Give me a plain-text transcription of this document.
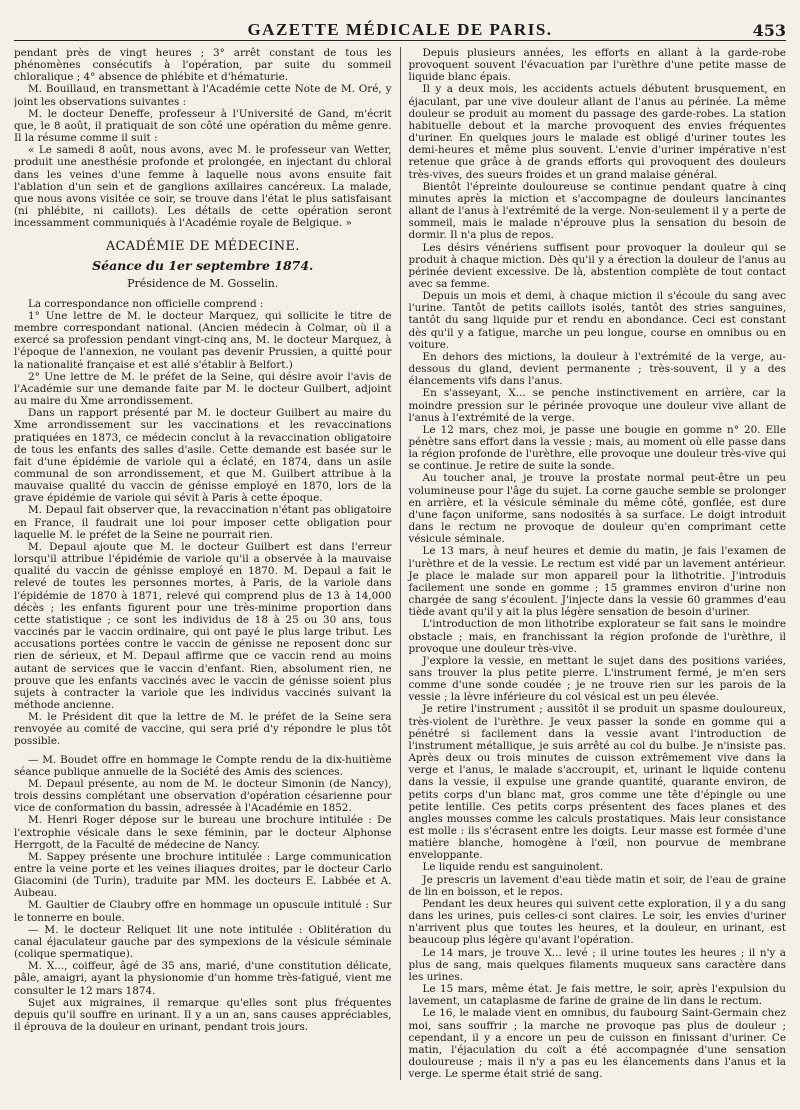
GAZETTE MÉDICALE DE PARIS.	453

pendant près de vingt heures ; 3° arrêt constant de tous les phénomènes consécutifs à l'opération, par suite du sommeil chloralique ; 4° absence de phlébite et d'hématurie.

M. Bouillaud, en transmettant à l'Académie cette Note de M. Oré, y joint les observations suivantes :

M. le docteur Deneffe, professeur à l'Université de Gand, m'écrit que, le 8 août, il pratiquait de son côté une opération du même genre. Il la résume comme il suit :

« Le samedi 8 août, nous avons, avec M. le professeur van Wetter, produit une anesthésie profonde et prolongée, en injectant du chloral dans les veines d'une femme à laquelle nous avons ensuite fait l'ablation d'un sein et de ganglions axillaires cancéreux. La malade, que nous avons visitée ce soir, se trouve dans l'état le plus satisfaisant (ni phlébite, ni caillots). Les détails de cette opération seront incessamment communiqués à l'Académie royale de Belgique. »

ACADÉMIE DE MÉDECINE.
Séance du 1er septembre 1874.
Présidence de M. Gosselin.

La correspondance non officielle comprend :

1° Une lettre de M. le docteur Marquez, qui sollicite le titre de membre correspondant national. (Ancien médecin à Colmar, où il a exercé sa profession pendant vingt-cinq ans, M. le docteur Marquez, à l'époque de l'annexion, ne voulant pas devenir Prussien, a quitté pour la nationalité française et est allé s'établir à Belfort.)

2° Une lettre de M. le préfet de la Seine, qui désire avoir l'avis de l'Académie sur une demande faite par M. le docteur Guilbert, adjoint au maire du Xme arrondissement.

Dans un rapport présenté par M. le docteur Guilbert au maire du Xme arrondissement sur les vaccinations et les revaccinations pratiquées en 1873, ce médecin conclut à la revaccination obligatoire de tous les enfants des salles d'asile. Cette demande est basée sur le fait d'une épidémie de variole qui a éclaté, en 1874, dans un asile communal de son arrondissement, et que M. Guilbert attribue à la mauvaise qualité du vaccin de génisse employé en 1870, lors de la grave épidémie de variole qui sévit à Paris à cette époque.

M. Depaul fait observer que, la revaccination n'étant pas obligatoire en France, il faudrait une loi pour imposer cette obligation pour laquelle M. le préfet de la Seine ne pourrait rien.

M. Depaul ajoute que M. le docteur Guilbert est dans l'erreur lorsqu'il attribue l'épidémie de variole qu'il a observée à la mauvaise qualité du vaccin de génisse employé en 1870. M. Depaul a fait le relevé de toutes les personnes mortes, à Paris, de la variole dans l'épidémie de 1870 à 1871, relevé qui comprend plus de 13 à 14,000 décès ; les enfants figurent pour une très-minime proportion dans cette statistique ; ce sont les individus de 18 à 25 ou 30 ans, tous vaccinés par le vaccin ordinaire, qui ont payé le plus large tribut. Les accusations portées contre le vaccin de génisse ne reposent donc sur rien de sérieux, et M. Depaul affirme que ce vaccin rend au moins autant de services que le vaccin d'enfant. Rien, absolument rien, ne prouve que les enfants vaccinés avec le vaccin de génisse soient plus sujets à contracter la variole que les individus vaccinés suivant la méthode ancienne.

M. le Président dit que la lettre de M. le préfet de la Seine sera renvoyée au comité de vaccine, qui sera prié d'y répondre le plus tôt possible.

— M. Boudet offre en hommage le Compte rendu de la dix-huitième séance publique annuelle de la Société des Amis des sciences.

M. Depaul présente, au nom de M. le docteur Simonin (de Nancy), trois dessins complétant une observation d'opération césarienne pour vice de conformation du bassin, adressée à l'Académie en 1852.

M. Henri Roger dépose sur le bureau une brochure intitulée : De l'extrophie vésicale dans le sexe féminin, par le docteur Alphonse Herrgott, de la Faculté de médecine de Nancy.

M. Sappey présente une brochure intitulée : Large communication entre la veine porte et les veines iliaques droites, par le docteur Carlo Giacomini (de Turin), traduite par MM. les docteurs E. Labbée et A. Aubeau.

M. Gaultier de Claubry offre en hommage un opuscule intitulé : Sur le tonnerre en boule.

— M. le docteur Reliquet lit une note intitulée : Oblitération du canal éjaculateur gauche par des sympexions de la vésicule séminale (colique spermatique).

M. X..., coiffeur, âgé de 35 ans, marié, d'une constitution délicate, pâle, amaigri, ayant la physionomie d'un homme très-fatigué, vient me consulter le 12 mars 1874.

Sujet aux migraines, il remarque qu'elles sont plus fréquentes depuis qu'il souffre en urinant. Il y a un an, sans causes appréciables, il éprouva de la douleur en urinant, pendant trois jours.

Depuis plusieurs années, les efforts en allant à la garde-robe provoquent souvent l'évacuation par l'urèthre d'une petite masse de liquide blanc épais.

Il y a deux mois, les accidents actuels débutent brusquement, en éjaculant, par une vive douleur allant de l'anus au périnée. La même douleur se produit au moment du passage des garde-robes. La station habituelle debout et la marche provoquent des envies fréquentes d'uriner. En quelques jours le malade est obligé d'uriner toutes les demi-heures et même plus souvent. L'envie d'uriner impérative n'est retenue que grâce à de grands efforts qui provoquent des douleurs très-vives, des sueurs froides et un grand malaise général.

Bientôt l'épreinte douloureuse se continue pendant quatre à cinq minutes après la miction et s'accompagne de douleurs lancinantes allant de l'anus à l'extrémité de la verge. Non-seulement il y a perte de sommeil, mais le malade n'éprouve plus la sensation du besoin de dormir. Il n'a plus de repos.

Les désirs vénériens suffisent pour provoquer la douleur qui se produit à chaque miction. Dès qu'il y a érection la douleur de l'anus au périnée devient excessive. De là, abstention complète de tout contact avec sa femme.

Depuis un mois et demi, à chaque miction il s'écoule du sang avec l'urine. Tantôt de petits caillots isolés, tantôt des stries sanguines, tantôt du sang liquide pur et rendu en abondance. Ceci est constant dès qu'il y a fatigue, marche un peu longue, course en omnibus ou en voiture.

En dehors des mictions, la douleur à l'extrémité de la verge, au-dessous du gland, devient permanente ; très-souvent, il y a des élancements vifs dans l'anus.

En s'asseyant, X... se penche instinctivement en arrière, car la moindre pression sur le périnée provoque une douleur vive allant de l'anus à l'extrémité de la verge.

Le 12 mars, chez moi, je passe une bougie en gomme n° 20. Elle pénètre sans effort dans la vessie ; mais, au moment où elle passe dans la région profonde de l'urèthre, elle provoque une douleur très-vive qui se continue. Je retire de suite la sonde.

Au toucher anal, je trouve la prostate normal peut-être un peu volumineuse pour l'âge du sujet. La corne gauche semble se prolonger en arrière, et la vésicule séminale du même côté, gonflée, est dure d'une façon uniforme, sans nodosités à sa surface. Le doigt introduit dans le rectum ne provoque de douleur qu'en comprimant cette vésicule séminale.

Le 13 mars, à neuf heures et demie du matin, je fais l'examen de l'urèthre et de la vessie. Le rectum est vidé par un lavement antérieur. Je place le malade sur mon appareil pour la lithotritie. J'introduis facilement une sonde en gomme ; 15 grammes environ d'urine non chargée de sang s'écoulent. J'injecte dans la vessie 60 grammes d'eau tiède avant qu'il y ait la plus légère sensation de besoin d'uriner.

L'introduction de mon lithotribe explorateur se fait sans le moindre obstacle ; mais, en franchissant la région profonde de l'urèthre, il provoque une douleur très-vive.

J'explore la vessie, en mettant le sujet dans des positions variées, sans trouver la plus petite pierre. L'instrument fermé, je m'en sers comme d'une sonde coudée ; je ne trouve rien sur les parois de la vessie ; la lèvre inférieure du col vésical est un peu élevée.

Je retire l'instrument ; aussitôt il se produit un spasme douloureux, très-violent de l'urèthre. Je veux passer la sonde en gomme qui a pénétré si facilement dans la vessie avant l'introduction de l'instrument métallique, je suis arrêté au col du bulbe. Je n'insiste pas. Après deux ou trois minutes de cuisson extrêmement vive dans la verge et l'anus, le malade s'accroupit, et, urinant le liquide contenu dans la vessie, il expulse une grande quantité, quarante environ, de petits corps d'un blanc mat, gros comme une tête d'épingle ou une petite lentille. Ces petits corps présentent des faces planes et des angles mousses comme les calculs prostatiques. Mais leur consistance est molle : ils s'écrasent entre les doigts. Leur masse est formée d'une matière blanche, homogène à l'œil, non pourvue de membrane enveloppante.

Le liquide rendu est sanguinolent.

Je prescris un lavement d'eau tiède matin et soir, de l'eau de graine de lin en boisson, et le repos.

Pendant les deux heures qui suivent cette exploration, il y a du sang dans les urines, puis celles-ci sont claires. Le soir, les envies d'uriner n'arrivent plus que toutes les heures, et la douleur, en urinant, est beaucoup plus légère qu'avant l'opération.

Le 14 mars, je trouve X... levé ; il urine toutes les heures ; il n'y a plus de sang, mais quelques filaments muqueux sans caractère dans les urines.

Le 15 mars, même état. Je fais mettre, le soir, après l'expulsion du lavement, un cataplasme de farine de graine de lin dans le rectum.

Le 16, le malade vient en omnibus, du faubourg Saint-Germain chez moi, sans souffrir ; la marche ne provoque pas plus de douleur ; cependant, il y a encore un peu de cuisson en finissant d'uriner. Ce matin, l'éjaculation du coït a été accompagnée d'une sensation douloureuse ; mais il n'y a pas eu les élancements dans l'anus et la verge. Le sperme était strié de sang.
